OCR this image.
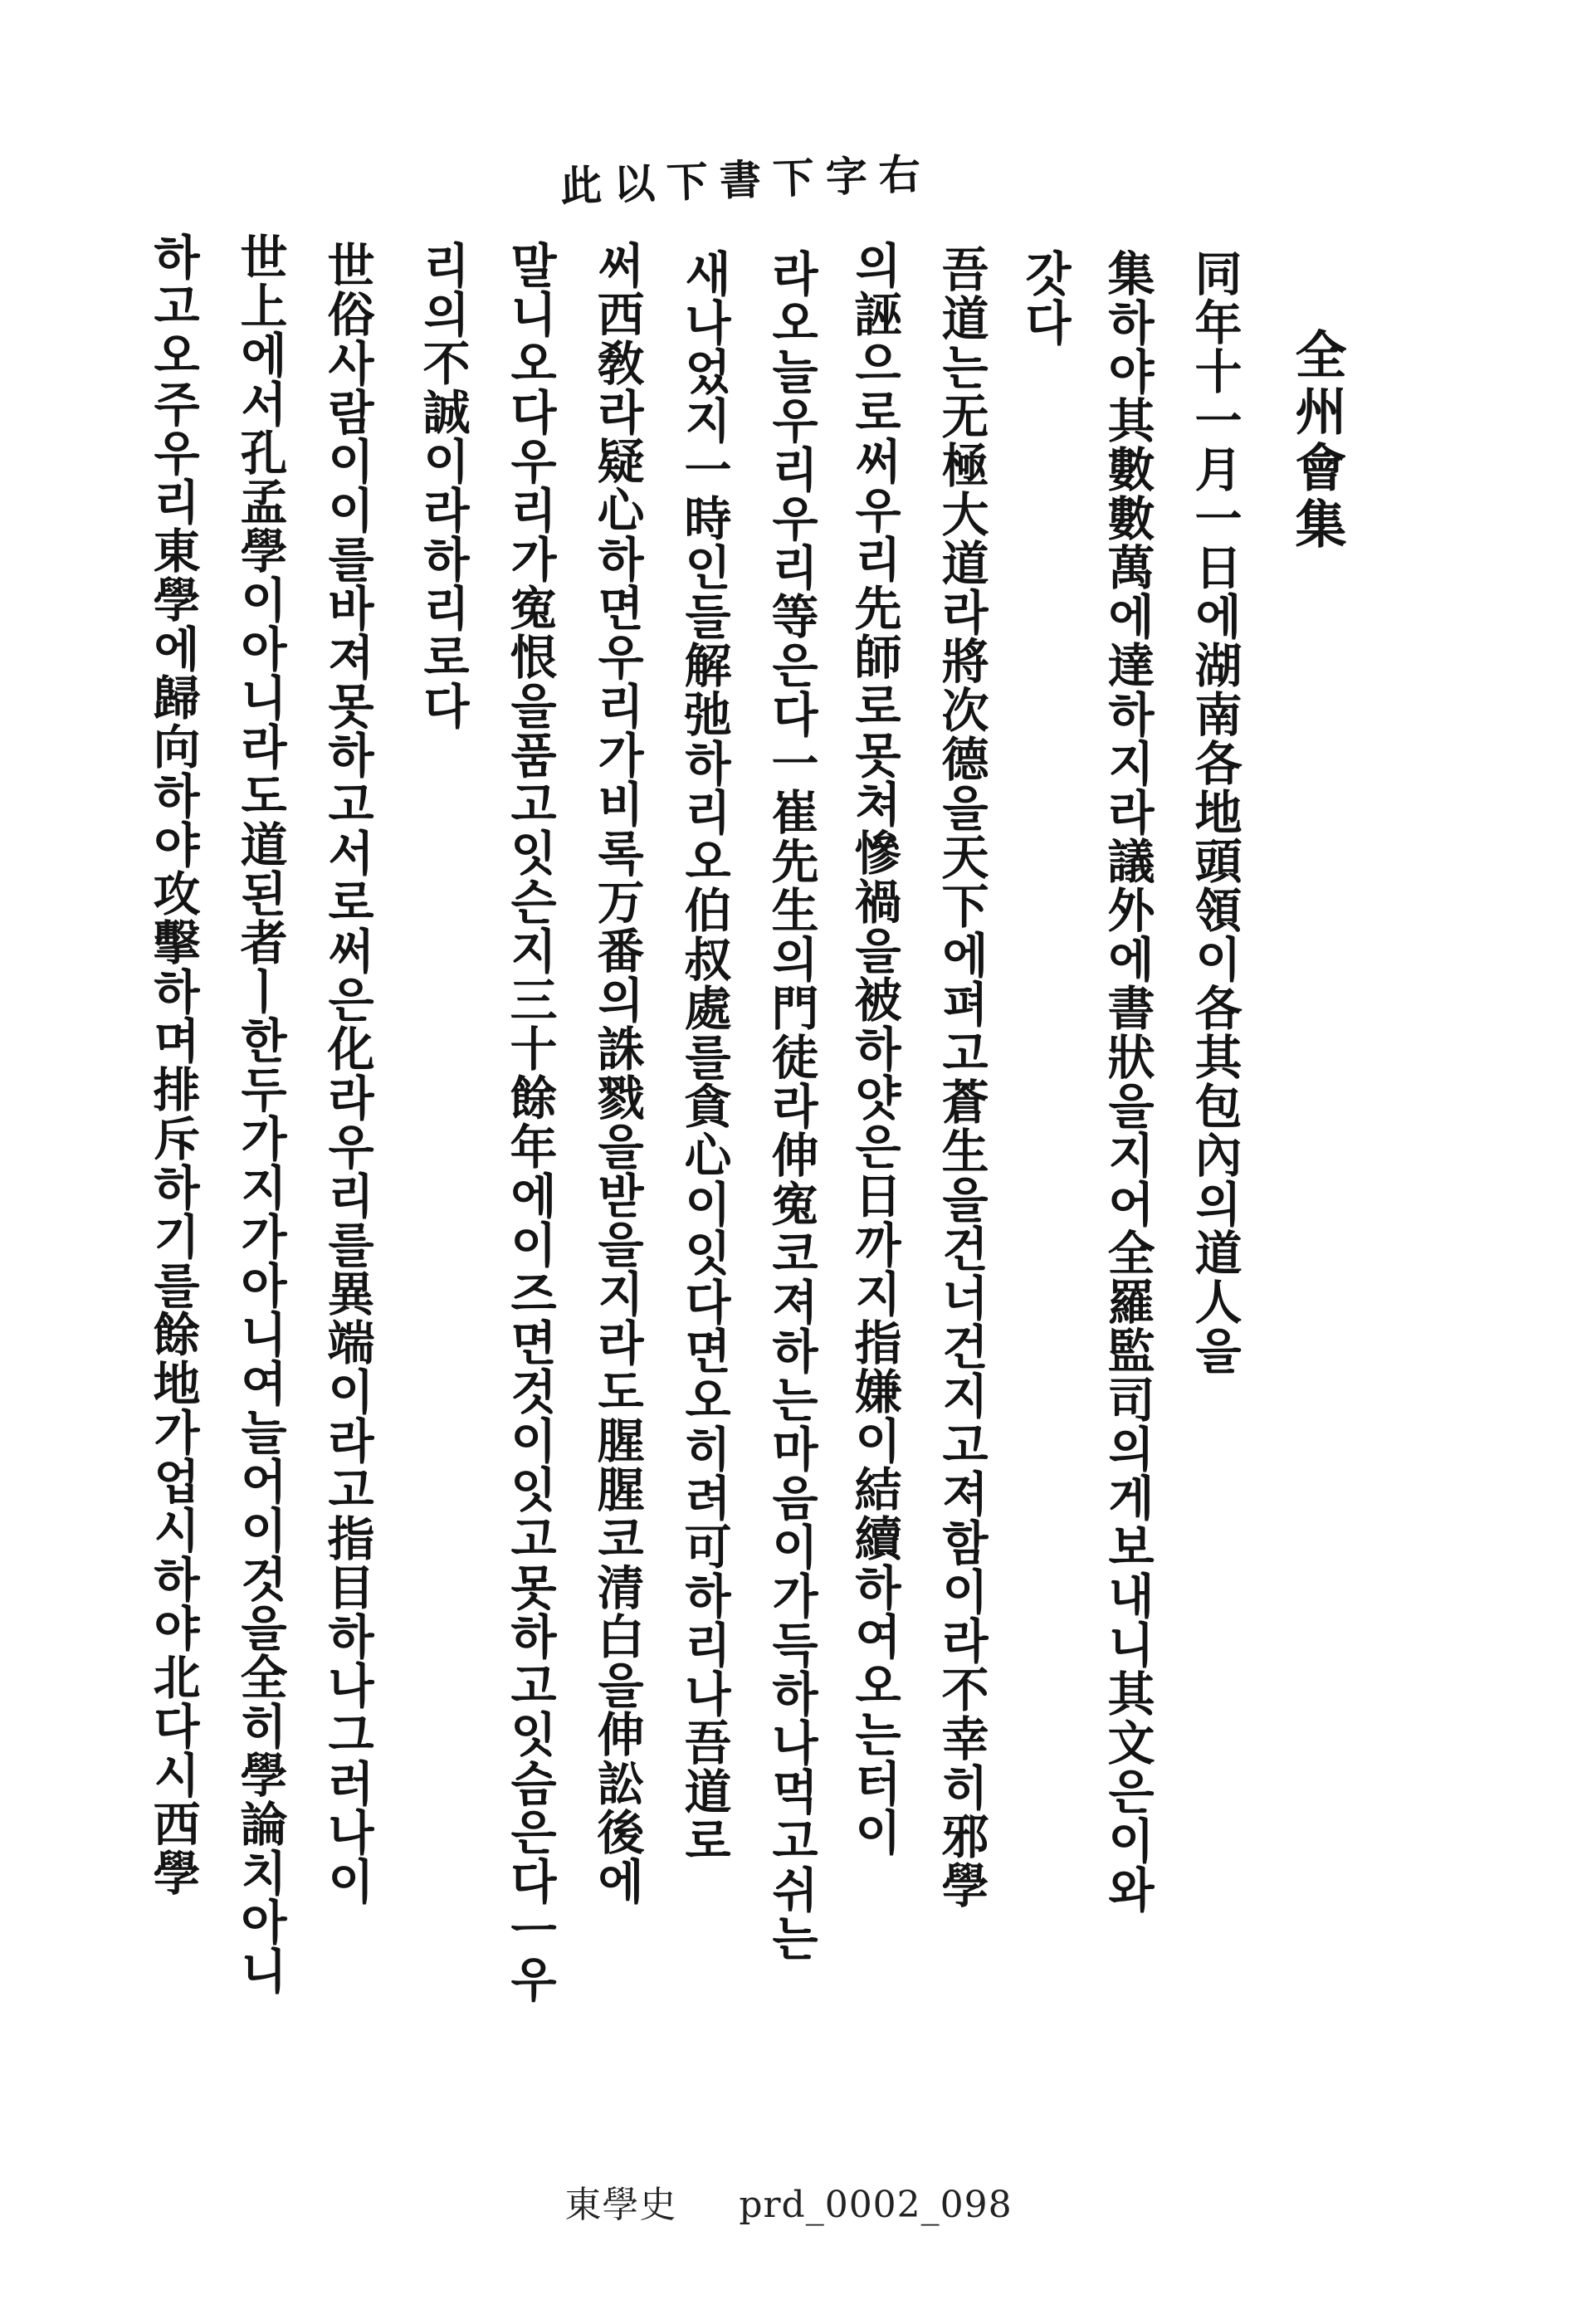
此以下書下字右
全州會集
同年十一月一日에湖南各地頭領이各其包內의道人을
集하야其數數萬에達하지라議外에書狀을지어全羅監司의게보내니其文은이와
갓다
吾道는无極大道라將次德을天下에펴고蒼生을건너건지고져함이라不幸히邪學
의誣으로써우리先師로못쳐慘禍을被하얏은日까지指嫌이結續하여오는터이
라오늘우리우리等은다一崔先生의門徒라伸寃코져하는마음이가득하나먹고쉬는
새나었지一時인들解弛하리오伯叔處를貪心이잇다면오히려可하리나吾道로
써西敎라疑心하면우리가비록万番의誅戮을받을지라도腥腥코清白을伸訟後에
말니오다우리가寃恨을품고잇슨지三十餘年에이즈면것이잇고못하고잇슴은다ㅡ우
리의不誠이라하리로다
世俗사람이이를바져못하고서로써은化라우리를異端이라고指目하나그러나이
世上에서孔孟學이아니라도道된者ㅣ한두가지가아니여늘어이것을全히學論치아니
하고오주우리東學에歸向하야攻擊하며排斥하기를餘地가업시하야北다시西學
東學史 prd_0002_098
